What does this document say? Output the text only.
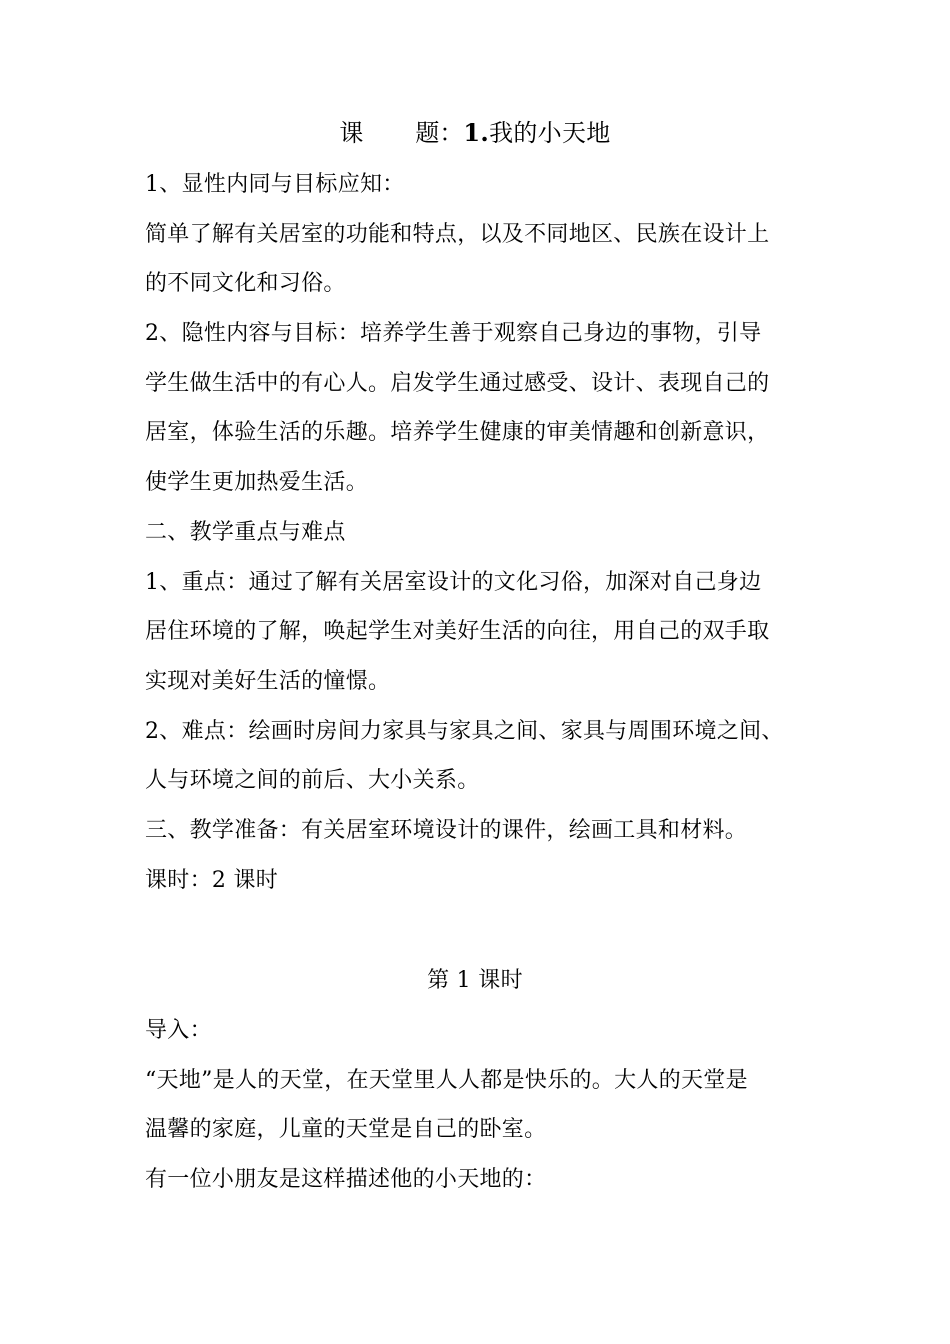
课 题：1.我的小天地
1、显性内同与目标应知：
简单了解有关居室的功能和特点，以及不同地区、民族在设计上
的不同文化和习俗。
2、隐性内容与目标：培养学生善于观察自己身边的事物，引导
学生做生活中的有心人。启发学生通过感受、设计、表现自己的
居室，体验生活的乐趣。培养学生健康的审美情趣和创新意识，
使学生更加热爱生活。
二、教学重点与难点
1、重点：通过了解有关居室设计的文化习俗，加深对自己身边
居住环境的了解，唤起学生对美好生活的向往，用自己的双手取
实现对美好生活的憧憬。
2、难点：绘画时房间力家具与家具之间、家具与周围环境之间、
人与环境之间的前后、大小关系。
三、教学准备：有关居室环境设计的课件，绘画工具和材料。
课时：2 课时
第 1 课时
导入：
“天地”是人的天堂，在天堂里人人都是快乐的。大人的天堂是
温馨的家庭，儿童的天堂是自己的卧室。
有一位小朋友是这样描述他的小天地的：
